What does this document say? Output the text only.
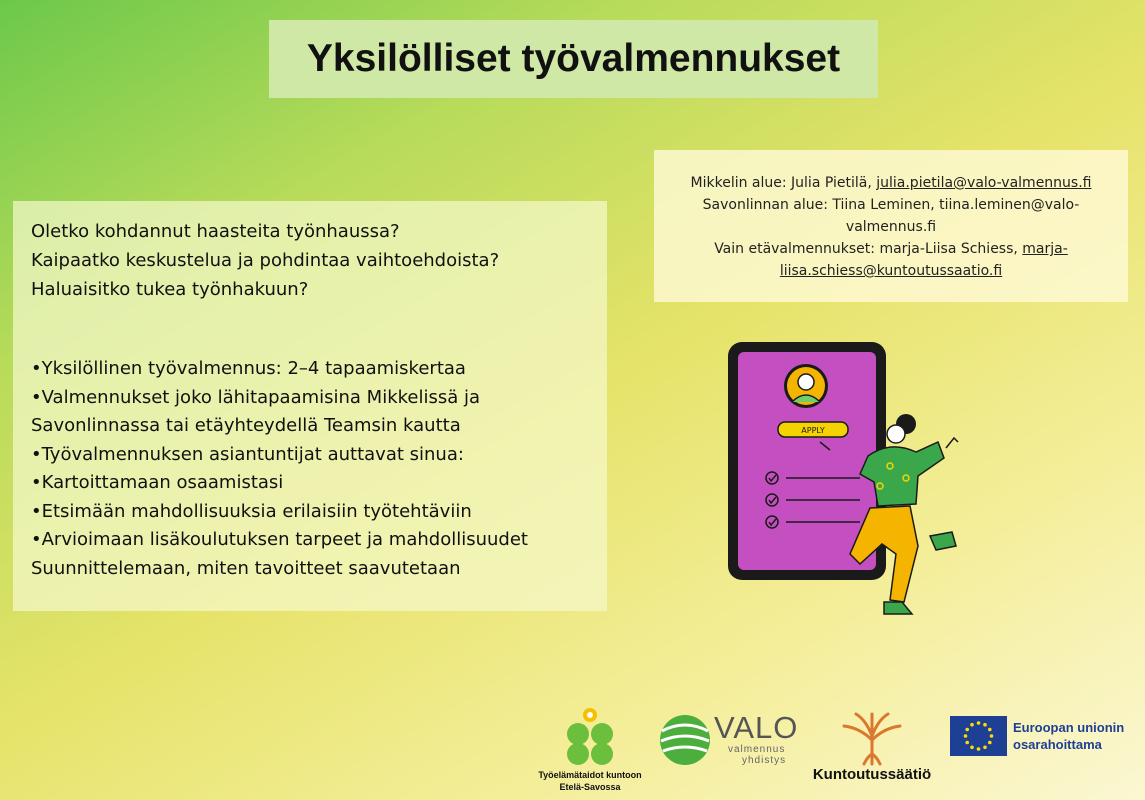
Yksilölliset työvalmennukset
Mikkelin alue: Julia Pietilä, julia.pietila@valo-valmennus.fi
Savonlinnan alue: Tiina Leminen, tiina.leminen@valo-
valmennus.fi
Vain etävalmennukset: marja-Liisa Schiess, marja-
liisa.schiess@kuntoutussaatio.fi
Oletko kohdannut haasteita työnhaussa?
Kaipaatko keskustelua ja pohdintaa vaihtoehdoista?
Haluaisitko tukea työnhakuun?
•Yksilöllinen työvalmennus: 2–4 tapaamiskertaa
•Valmennukset joko lähitapaamisina Mikkelissä ja
Savonlinnassa tai etäyhteydellä Teamsin kautta
•Työvalmennuksen asiantuntijat auttavat sinua:
•Kartoittamaan osaamistasi
•Etsimään mahdollisuuksia erilaisiin työtehtäviin
•Arvioimaan lisäkoulutuksen tarpeet ja mahdollisuudet
Suunnittelemaan, miten tavoitteet saavutetaan
APPLY
Työelämätaidot kuntoon
Etelä-Savossa
VALO
valmennus
yhdistys
Kuntoutussäätiö
Euroopan unionin
osarahoittama
